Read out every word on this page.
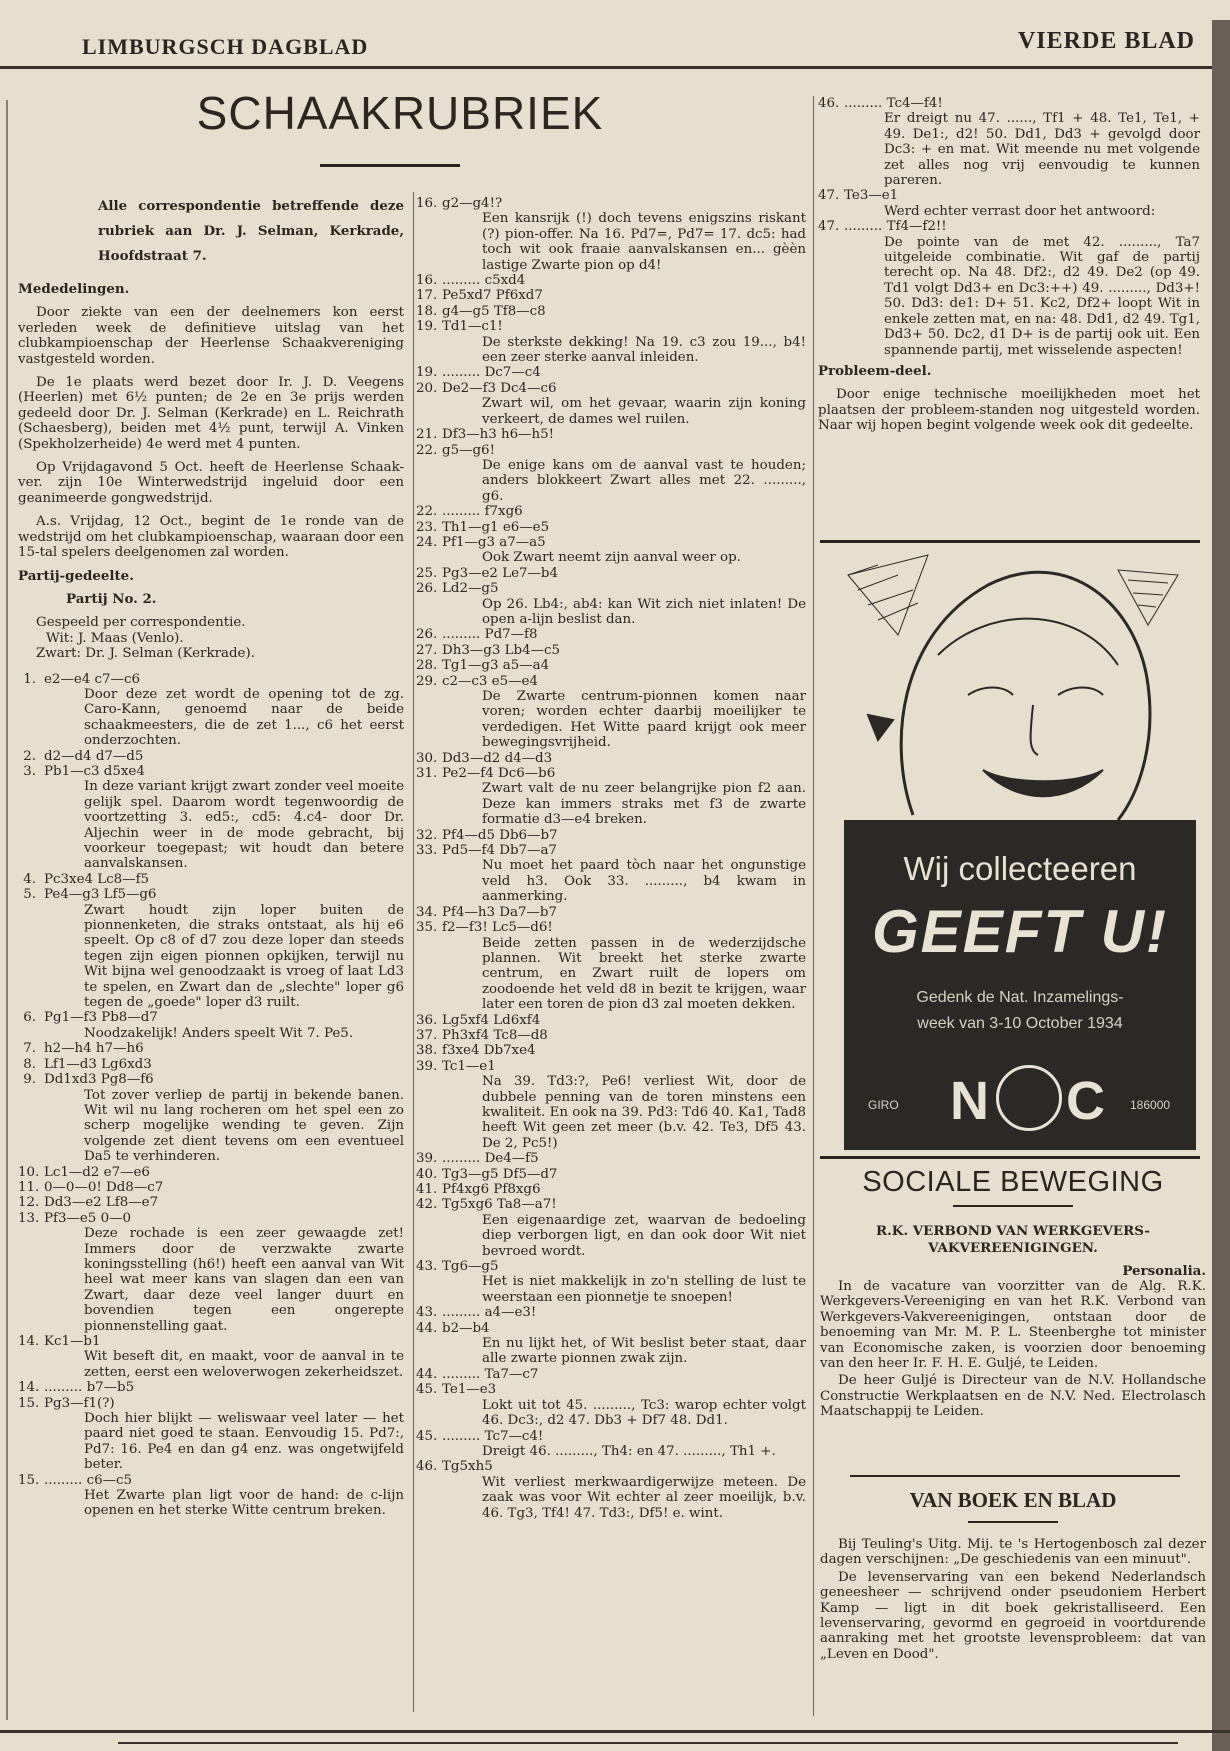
LIMBURGSCH DAGBLAD	VIERDE BLAD
SCHAAKRUBRIEK
Alle correspondentie betreffende deze rubriek aan Dr. J. Selman, Kerkrade, Hoofdstraat 7.

Mededelingen.

Door ziekte van een der deelnemers kon eerst verleden week de definitieve uitslag van het clubkampioenschap der Heerlense Schaakvereniging vastgesteld worden.

De 1e plaats werd bezet door Ir. J. D. Veegens (Heerlen) met 6½ punten; de 2e en 3e prijs werden gedeeld door Dr. J. Selman (Kerkrade) en L. Reichrath (Schaesberg), beiden met 4½ punt, terwijl A. Vinken (Spekholzerheide) 4e werd met 4 punten.

Op Vrijdagavond 5 Oct. heeft de Heerlense Schaak-ver. zijn 10e Winterwedstrijd ingeluid door een geanimeerde gongwedstrijd.

A.s. Vrijdag, 12 Oct., begint de 1e ronde van de wedstrijd om het clubkampioenschap, waaraan door een 15-tal spelers deelgenomen zal worden.

Partij-gedeelte.

Partij No. 2.

Gespeeld per correspondentie.

Wit: J. Maas (Venlo).

Zwart: Dr. J. Selman (Kerkrade).

1. e2—e4 c7—c6
Door deze zet wordt de opening tot de zg. Caro-Kann, genoemd naar de beide schaakmeesters, die de zet 1..., c6 het eerst onderzochten.
2. d2—d4 d7—d5
3. Pb1—c3 d5xe4
In deze variant krijgt zwart zonder veel moeite gelijk spel. Daarom wordt tegenwoordig de voortzetting 3. ed5:, cd5: 4.c4- door Dr. Aljechin weer in de mode gebracht, bij voorkeur toegepast; wit houdt dan betere aanvalskansen.
4. Pc3xe4 Lc8—f5
5. Pe4—g3 Lf5—g6
Zwart houdt zijn loper buiten de pionnenketen, die straks ontstaat, als hij e6 speelt. Op c8 of d7 zou deze loper dan steeds tegen zijn eigen pionnen opkijken, terwijl nu Wit bijna wel genoodzaakt is vroeg of laat Ld3 te spelen, en Zwart dan de „slechte" loper g6 tegen de „goede" loper d3 ruilt.
6. Pg1—f3 Pb8—d7
Noodzakelijk! Anders speelt Wit 7. Pe5.
7. h2—h4 h7—h6
8. Lf1—d3 Lg6xd3
9. Dd1xd3 Pg8—f6
Tot zover verliep de partij in bekende banen. Wit wil nu lang rocheren om het spel een zo scherp mogelijke wending te geven. Zijn volgende zet dient tevens om een eventueel Da5 te verhinderen.
10. Lc1—d2 e7—e6
11. 0—0—0! Dd8—c7
12. Dd3—e2 Lf8—e7
13. Pf3—e5 0—0
Deze rochade is een zeer gewaagde zet! Immers door de verzwakte zwarte koningsstelling (h6!) heeft een aanval van Wit heel wat meer kans van slagen dan een van Zwart, daar deze veel langer duurt en bovendien tegen een ongerepte pionnenstelling gaat.
14. Kc1—b1
Wit beseft dit, en maakt, voor de aanval in te zetten, eerst een weloverwogen zekerheidszet.
14. ......... b7—b5
15. Pg3—f1(?)
Doch hier blijkt — weliswaar veel later — het paard niet goed te staan. Eenvoudig 15. Pd7:, Pd7: 16. Pe4 en dan g4 enz. was ongetwijfeld beter.
15. ......... c6—c5
Het Zwarte plan ligt voor de hand: de c-lijn openen en het sterke Witte centrum breken.
16. g2—g4!?
Een kansrijk (!) doch tevens enigszins riskant (?) pion-offer. Na 16. Pd7=, Pd7= 17. dc5: had toch wit ook fraaie aanvalskansen en... gèèn lastige Zwarte pion op d4!
16. ......... c5xd4
17. Pe5xd7 Pf6xd7
18. g4—g5 Tf8—c8
19. Td1—c1!
De sterkste dekking! Na 19. c3 zou 19..., b4! een zeer sterke aanval inleiden.
19. ......... Dc7—c4
20. De2—f3 Dc4—c6
Zwart wil, om het gevaar, waarin zijn koning verkeert, de dames wel ruilen.
21. Df3—h3 h6—h5!
22. g5—g6!
De enige kans om de aanval vast te houden; anders blokkeert Zwart alles met 22. ........., g6.
22. ......... f7xg6
23. Th1—g1 e6—e5
24. Pf1—g3 a7—a5
Ook Zwart neemt zijn aanval weer op.
25. Pg3—e2 Le7—b4
26. Ld2—g5
Op 26. Lb4:, ab4: kan Wit zich niet inlaten! De open a-lijn beslist dan.
26. ......... Pd7—f8
27. Dh3—g3 Lb4—c5
28. Tg1—g3 a5—a4
29. c2—c3 e5—e4
De Zwarte centrum-pionnen komen naar voren; worden echter daarbij moeilijker te verdedigen. Het Witte paard krijgt ook meer bewegingsvrijheid.
30. Dd3—d2 d4—d3
31. Pe2—f4 Dc6—b6
Zwart valt de nu zeer belangrijke pion f2 aan. Deze kan immers straks met f3 de zwarte formatie d3—e4 breken.
32. Pf4—d5 Db6—b7
33. Pd5—f4 Db7—a7
Nu moet het paard tòch naar het ongunstige veld h3. Ook 33. ........., b4 kwam in aanmerking.
34. Pf4—h3 Da7—b7
35. f2—f3! Lc5—d6!
Beide zetten passen in de wederzijdsche plannen. Wit breekt het sterke zwarte centrum, en Zwart ruilt de lopers om zoodoende het veld d8 in bezit te krijgen, waar later een toren de pion d3 zal moeten dekken.
36. Lg5xf4 Ld6xf4
37. Ph3xf4 Tc8—d8
38. f3xe4 Db7xe4
39. Tc1—e1
Na 39. Td3:?, Pe6! verliest Wit, door de dubbele penning van de toren minstens een kwaliteit. En ook na 39. Pd3: Td6 40. Ka1, Tad8 heeft Wit geen zet meer (b.v. 42. Te3, Df5 43. De 2, Pc5!)
39. ......... De4—f5
40. Tg3—g5 Df5—d7
41. Pf4xg6 Pf8xg6
42. Tg5xg6 Ta8—a7!
Een eigenaardige zet, waarvan de bedoeling diep verborgen ligt, en dan ook door Wit niet bevroed wordt.
43. Tg6—g5
Het is niet makkelijk in zo'n stelling de lust te weerstaan een pionnetje te snoepen!
43. ......... a4—e3!
44. b2—b4
En nu lijkt het, of Wit beslist beter staat, daar alle zwarte pionnen zwak zijn.
44. ......... Ta7—c7
45. Te1—e3
Lokt uit tot 45. ........., Tc3: warop echter volgt 46. Dc3:, d2 47. Db3 + Df7 48. Dd1.
45. ......... Tc7—c4!
Dreigt 46. ........., Th4: en 47. ........., Th1 +.
46. Tg5xh5
Wit verliest merkwaardigerwijze meteen. De zaak was voor Wit echter al zeer moeilijk, b.v. 46. Tg3, Tf4! 47. Td3:, Df5! e. wint.
46. ......... Tc4—f4!
Er dreigt nu 47. ......, Tf1 + 48. Te1, Te1, + 49. De1:, d2! 50. Dd1, Dd3 + gevolgd door Dc3: + en mat. Wit meende nu met volgende zet alles nog vrij eenvoudig te kunnen pareren.
47. Te3—e1
Werd echter verrast door het antwoord:
47. ......... Tf4—f2!!
De pointe van de met 42. ........., Ta7 uitgeleide combinatie. Wit gaf de partij terecht op. Na 48. Df2:, d2 49. De2 (op 49. Td1 volgt Dd3+ en Dc3:++) 49. ........., Dd3+! 50. Dd3: de1: D+ 51. Kc2, Df2+ loopt Wit in enkele zetten mat, en na: 48. Dd1, d2 49. Tg1, Dd3+ 50. Dc2, d1 D+ is de partij ook uit. Een spannende partij, met wisselende aspecten!

Probleem-deel.

Door enige technische moeilijkheden moet het plaatsen der probleem-standen nog uitgesteld worden. Naar wij hopen begint volgende week ook dit gedeelte.

Wij collecteeren
GEEFT U!
Gedenk de Nat. Inzamelings-
week van 3-10 October 1934
GIRO N C 186000
SOCIALE BEWEGING
R.K. VERBOND VAN WERKGEVERS-VAKVEREENIGINGEN.
Personalia.

In de vacature van voorzitter van de Alg. R.K. Werkgevers-Vereeniging en van het R.K. Verbond van Werkgevers-Vakvereenigingen, ontstaan door de benoeming van Mr. M. P. L. Steenberghe tot minister van Economische zaken, is voorzien door benoeming van den heer Ir. F. H. E. Guljé, te Leiden.

De heer Guljé is Directeur van de N.V. Hollandsche Constructie Werkplaatsen en de N.V. Ned. Electrolasch Maatschappij te Leiden.

VAN BOEK EN BLAD

Bij Teuling's Uitg. Mij. te 's Hertogenbosch zal dezer dagen verschijnen: „De geschiedenis van een minuut".

De levenservaring van een bekend Nederlandsch geneesheer — schrijvend onder pseudoniem Herbert Kamp — ligt in dit boek gekristalliseerd. Een levenservaring, gevormd en gegroeid in voortdurende aanraking met het grootste levensprobleem: dat van „Leven en Dood".
